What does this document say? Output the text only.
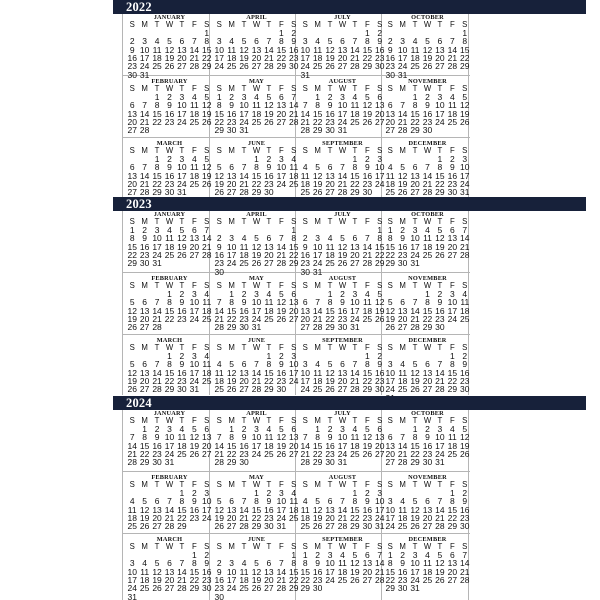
2022
JANUARY
S M T W T F S
1
2 3 4 5 6 7 8
9 10 11 12 13 14 15
16 17 18 19 20 21 22
23 24 25 26 27 28 29
30 31
APRIL
S M T W T F S
1 2
3 4 5 6 7 8 9
10 11 12 13 14 15 16
17 18 19 20 21 22 23
24 25 26 27 28 29 30
JULY
S M T W T F S
1 2
3 4 5 6 7 8 9
10 11 12 13 14 15 16
17 18 19 20 21 22 23
24 25 26 27 28 29 30
31
OCTOBER
S M T W T F S
1
2 3 4 5 6 7 8
9 10 11 12 13 14 15
16 17 18 19 20 21 22
23 24 25 26 27 28 29
30 31
FEBRUARY
S M T W T F S
1 2 3 4 5
6 7 8 9 10 11 12
13 14 15 16 17 18 19
20 21 22 23 24 25 26
27 28
MAY
S M T W T F S
1 2 3 4 5 6 7
8 9 10 11 12 13 14
15 16 17 18 19 20 21
22 23 24 25 26 27 28
29 30 31
AUGUST
S M T W T F S
1 2 3 4 5 6
7 8 9 10 11 12 13
14 15 16 17 18 19 20
21 22 23 24 25 26 27
28 29 30 31
NOVEMBER
S M T W T F S
1 2 3 4 5
6 7 8 9 10 11 12
13 14 15 16 17 18 19
20 21 22 23 24 25 26
27 28 29 30
MARCH
S M T W T F S
1 2 3 4 5
6 7 8 9 10 11 12
13 14 15 16 17 18 19
20 21 22 23 24 25 26
27 28 29 30 31
JUNE
S M T W T F S
1 2 3 4
5 6 7 8 9 10 11
12 13 14 15 16 17 18
19 20 21 22 23 24 25
26 27 28 29 30
SEPTEMBER
S M T W T F S
1 2 3
4 5 6 7 8 9 10
11 12 13 14 15 16 17
18 19 20 21 22 23 24
25 26 27 28 29 30
DECEMBER
S M T W T F S
1 2 3
4 5 6 7 8 9 10
11 12 13 14 15 16 17
18 19 20 21 22 23 24
25 26 27 28 29 30 31
2023
JANUARY
S M T W T F S
1 2 3 4 5 6 7
8 9 10 11 12 13 14
15 16 17 18 19 20 21
22 23 24 25 26 27 28
29 30 31
APRIL
S M T W T F S
1
2 3 4 5 6 7 8
9 10 11 12 13 14 15
16 17 18 19 20 21 22
23 24 25 26 27 28 29
30
JULY
S M T W T F S
1
2 3 4 5 6 7 8
9 10 11 12 13 14 15
16 17 18 19 20 21 22
23 24 25 26 27 28 29
30 31
OCTOBER
S M T W T F S
1 2 3 4 5 6 7
8 9 10 11 12 13 14
15 16 17 18 19 20 21
22 23 24 25 26 27 28
29 30 31
FEBRUARY
S M T W T F S
1 2 3 4
5 6 7 8 9 10 11
12 13 14 15 16 17 18
19 20 21 22 23 24 25
26 27 28
MAY
S M T W T F S
1 2 3 4 5 6
7 8 9 10 11 12 13
14 15 16 17 18 19 20
21 22 23 24 25 26 27
28 29 30 31
AUGUST
S M T W T F S
1 2 3 4 5
6 7 8 9 10 11 12
13 14 15 16 17 18 19
20 21 22 23 24 25 26
27 28 29 30 31
NOVEMBER
S M T W T F S
1 2 3 4
5 6 7 8 9 10 11
12 13 14 15 16 17 18
19 20 21 22 23 24 25
26 27 28 29 30
MARCH
S M T W T F S
1 2 3 4
5 6 7 8 9 10 11
12 13 14 15 16 17 18
19 20 21 22 23 24 25
26 27 28 29 30 31
JUNE
S M T W T F S
1 2 3
4 5 6 7 8 9 10
11 12 13 14 15 16 17
18 19 20 21 22 23 24
25 26 27 28 29 30
SEPTEMBER
S M T W T F S
1 2
3 4 5 6 7 8 9
10 11 12 13 14 15 16
17 18 19 20 21 22 23
24 25 26 27 28 29 30
DECEMBER
S M T W T F S
1 2
3 4 5 6 7 8 9
10 11 12 13 14 15 16
17 18 19 20 21 22 23
24 25 26 27 28 29 30
2024
JANUARY
S M T W T F S
1 2 3 4 5 6
7 8 9 10 11 12 13
14 15 16 17 18 19 20
21 22 23 24 25 26 27
28 29 30 31
APRIL
S M T W T F S
1 2 3 4 5 6
7 8 9 10 11 12 13
14 15 16 17 18 19 20
21 22 23 24 25 26 27
28 29 30
JULY
S M T W T F S
1 2 3 4 5 6
7 8 9 10 11 12 13
14 15 16 17 18 19 20
21 22 23 24 25 26 27
28 29 30 31
OCTOBER
S M T W T F S
1 2 3 4 5
6 7 8 9 10 11 12
13 14 15 16 17 18 19
20 21 22 23 24 25 26
27 28 29 30 31
FEBRUARY
S M T W T F S
1 2 3
4 5 6 7 8 9 10
11 12 13 14 15 16 17
18 19 20 21 22 23 24
25 26 27 28 29
MAY
S M T W T F S
1 2 3 4
5 6 7 8 9 10 11
12 13 14 15 16 17 18
19 20 21 22 23 24 25
26 27 28 29 30 31
AUGUST
S M T W T F S
1 2 3
4 5 6 7 8 9 10
11 12 13 14 15 16 17
18 19 20 21 22 23 24
25 26 27 28 29 30 31
NOVEMBER
S M T W T F S
1 2
3 4 5 6 7 8 9
10 11 12 13 14 15 16
17 18 19 20 21 22 23
24 25 26 27 28 29 30
MARCH
S M T W T F S
1 2
3 4 5 6 7 8 9
10 11 12 13 14 15 16
17 18 19 20 21 22 23
24 25 26 27 28 29 30
31
JUNE
S M T W T F S
1
2 3 4 5 6 7 8
9 10 11 12 13 14 15
16 17 18 19 20 21 22
23 24 25 26 27 28 29
30
SEPTEMBER
S M T W T F S
1 2 3 4 5 6 7
8 9 10 11 12 13 14
15 16 17 18 19 20 21
22 23 24 25 26 27 28
29 30
DECEMBER
S M T W T F S
1 2 3 4 5 6 7
8 9 10 11 12 13 14
15 16 17 18 19 20 21
22 23 24 25 26 27 28
29 30 31
